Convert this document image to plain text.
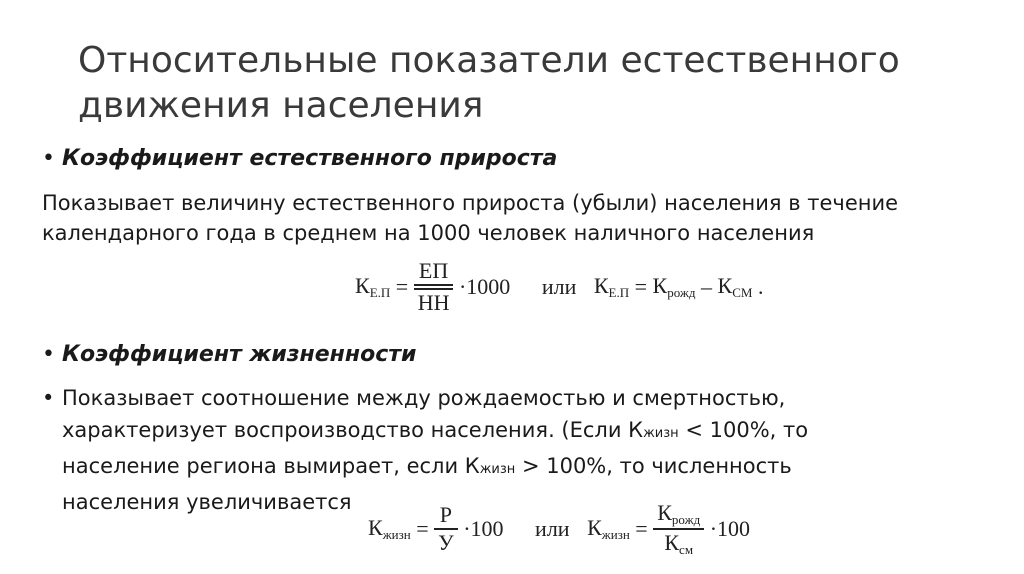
Относительные показатели естественного движения населения
• Коэффициент естественного прироста
Показывает величину естественного прироста (убыли) населения в течение календарного года в среднем на 1000 человек наличного населения
$КЕ.П = \frac{ЕП}{НН} \cdot 1000$ или КЕ.П = Крожд – КСМ .
• Коэффициент жизненности
• Показывает соотношение между рождаемостью и смертностью,
характеризует воспроизводство населения. (Если Кжизн < 100%, то
население региона вымирает, если Кжизн > 100%, то численность
населения увеличивается
Кжизн = $\frac{Р}{У} \cdot 100$ или Кжизн = $\frac{\text{Крожд}}{\text{Ксм}} \cdot 100$
